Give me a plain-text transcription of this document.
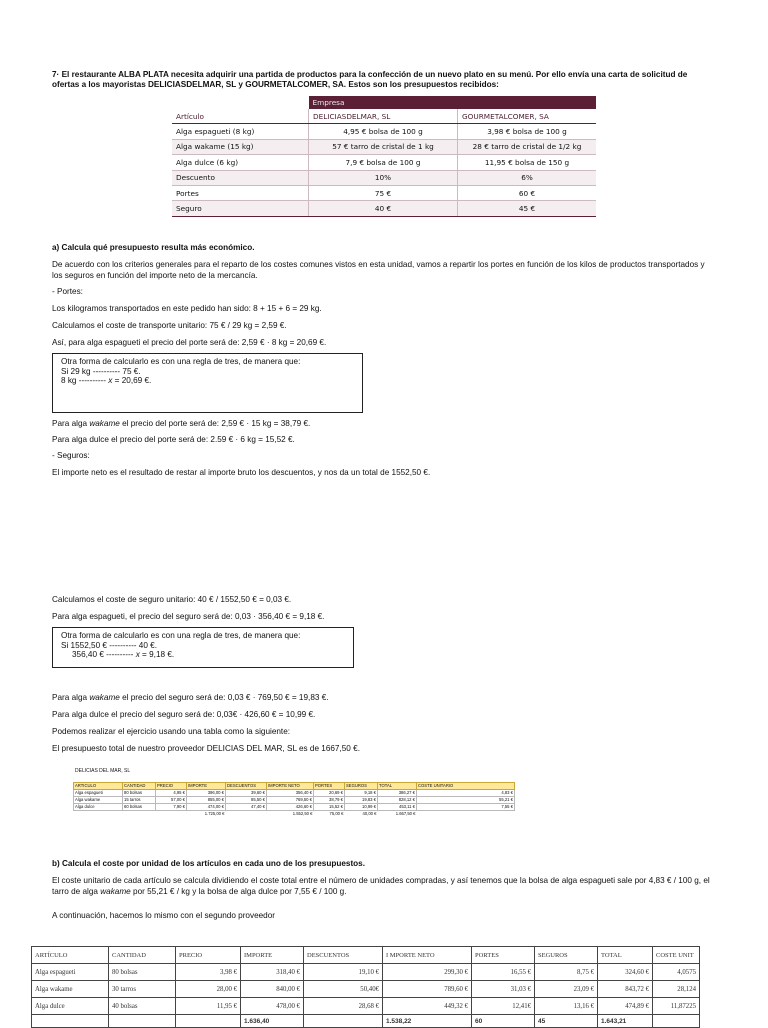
7· El restaurante ALBA PLATA necesita adquirir una partida de productos para la confección de un nuevo plato en su menú. Por ello envía una carta de solicitud de ofertas a los mayoristas DELICIASDELMAR, SL y GOURMETALCOMER, SA. Estos son los presupuestos recibidos:
	Empresa	
Artículo	DELICIASDELMAR, SL	GOURMETALCOMER, SA
Alga espagueti (8 kg)	4,95 € bolsa de 100 g	3,98 € bolsa de 100 g
Alga wakame (15 kg)	57 € tarro de cristal de 1 kg	28 € tarro de cristal de 1/2 kg
Alga dulce (6 kg)	7,9 € bolsa de 100 g	11,95 € bolsa de 150 g
Descuento	10%	6%
Portes	75 €	60 €
Seguro	40 €	45 €
a) Calcula qué presupuesto resulta más económico.
De acuerdo con los criterios generales para el reparto de los costes comunes vistos en esta unidad, vamos a repartir los portes en función de los kilos de productos transportados y los seguros en función del importe neto de la mercancía.
- Portes:
Los kilogramos transportados en este pedido han sido: 8 + 15 + 6 = 29 kg.
Calculamos el coste de transporte unitario: 75 € / 29 kg = 2,59 €.
Así, para alga espagueti el precio del porte será de: 2,59 € · 8 kg = 20,69 €.
Otra forma de calcularlo es con una regla de tres, de manera que:
Si 29 kg ---------- 75 €.
8 kg ---------- x = 20,69 €.
Para alga wakame el precio del porte será de: 2,59 € · 15 kg = 38,79 €.
Para alga dulce el precio del porte será de: 2.59 € · 6 kg = 15,52 €.
- Seguros:
El importe neto es el resultado de restar al importe bruto los descuentos, y nos da un total de 1552,50 €.
Calculamos el coste de seguro unitario: 40 € / 1552,50 € = 0,03 €.
Para alga espagueti, el precio del seguro será de: 0,03 · 356,40 € = 9,18 €.
Otra forma de calcularlo es con una regla de tres, de manera que:
Si 1552,50 € ---------- 40 €.
356,40 € ---------- x = 9,18 €.
Para alga wakame el precio del seguro será de: 0,03 € · 769,50 € = 19,83 €.
Para alga dulce el precio del seguro será de: 0,03€ · 426,60 € = 10,99 €.
Podemos realizar el ejercicio usando una tabla como la siguiente:
El presupuesto total de nuestro proveedor DELICIAS DEL MAR, SL es de 1667,50 €.
DELICIAS DEL MAR, SL
ARTICULO	CANTIDAD	PRECIO	IMPORTE	DESCUENTOS	IMPORTE NETO	PORTES	SEGUROS	TOTAL	COSTE UNITARIO
Alga espagueti	80 bolsas	4,95 €	396,00 €	39,60 €	356,40 €	20,69 €	9,18 €	386,27 €	4,83 €
Alga wakame	15 tarros	57,00 €	855,00 €	85,50 €	769,50 €	38,79 €	19,83 €	828,12 €	55,21 €
Alga dulce	60 bolsas	7,90 €	474,00 €	47,40 €	426,60 €	15,52 €	10,99 €	453,11 €	7,55 €
			1.725,00 €		1.552,50 €	75,00 €	40,00 €	1.667,50 €	
b) Calcula el coste por unidad de los artículos en cada uno de los presupuestos.
El coste unitario de cada artículo se calcula dividiendo el coste total entre el número de unidades compradas, y así tenemos que la bolsa de alga espagueti sale por 4,83 € / 100 g, el tarro de alga wakame por 55,21 € / kg y la bolsa de alga dulce por 7,55 € / 100 g.
A continuación, hacemos lo mismo con el segundo proveedor
ARTÍCULO	CANTIDAD	PRECIO	IMPORTE	DESCUENTOS	I MPORTE NETO	PORTES	SEGUROS	TOTAL	COSTE UNIT
Alga espagueti	80 bolsas	3,98 €	318,40 €	19,10 €	299,30 €	16,55 €	8,75 €	324,60 €	4,0575
Alga wakame	30 tarros	28,00 €	840,00 €	50,40€	789,60 €	31,03 €	23,09 €	843,72 €	28,124
Alga dulce	40 bolsas	11,95 €	478,00 €	28,68 €	449,32 €	12,41€	13,16 €	474,89 €	11,87225
			1.636,40		1.538,22	60	45	1.643,21	
